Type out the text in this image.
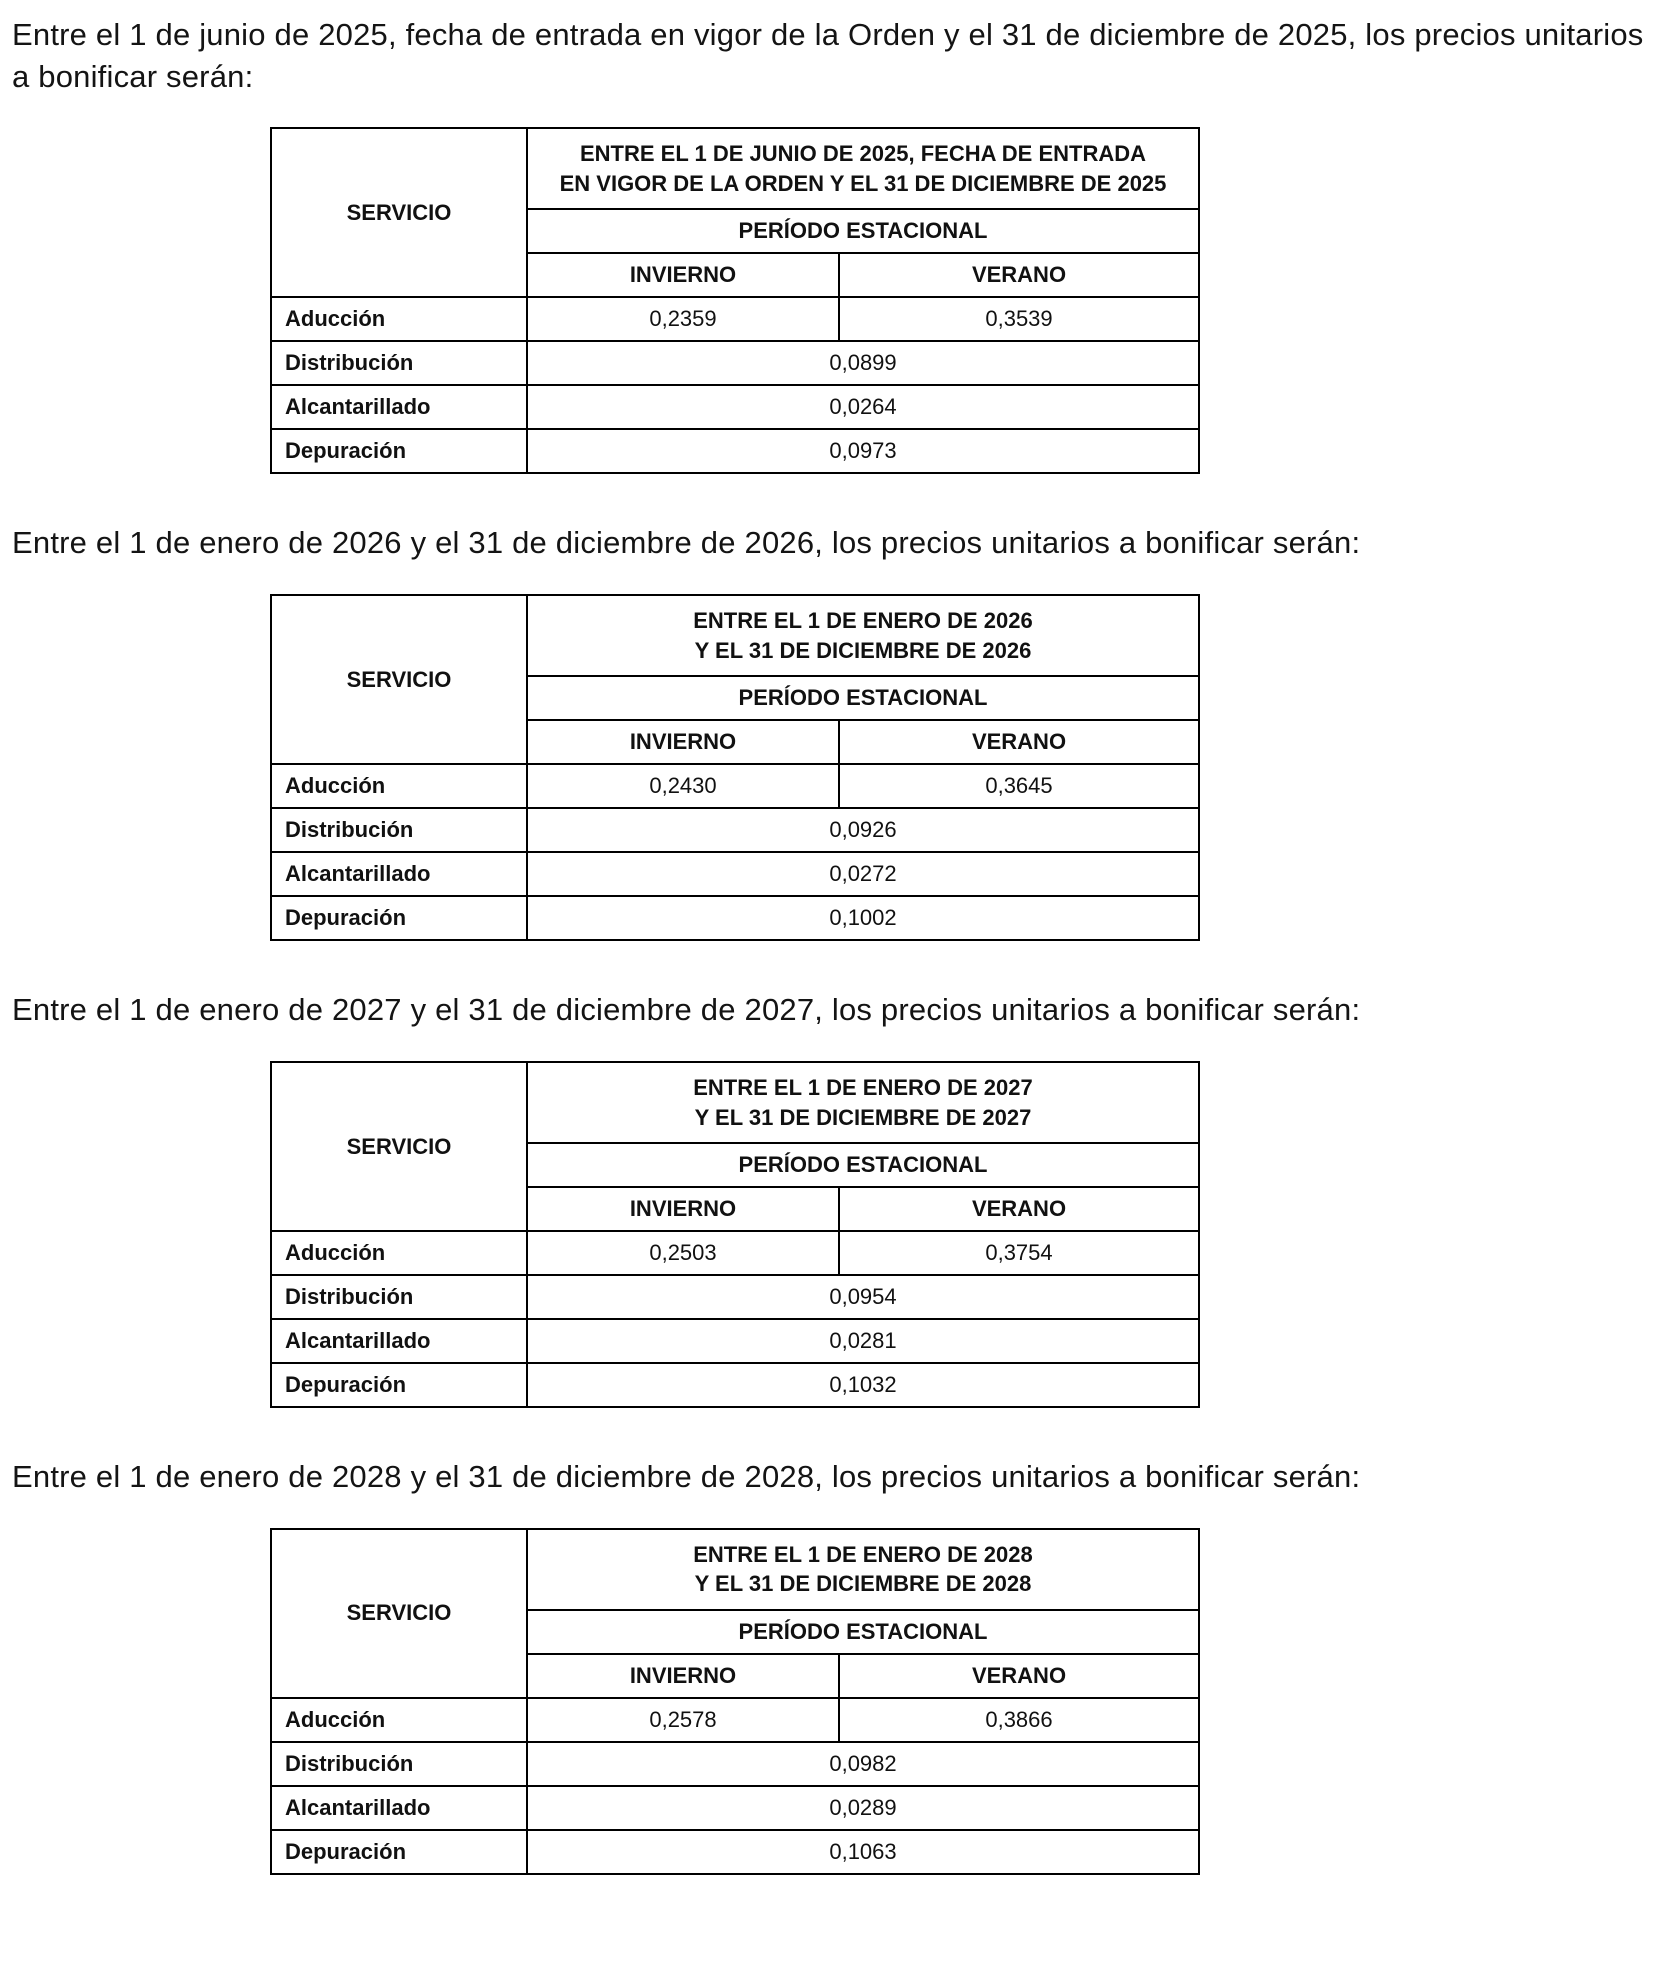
Entre el 1 de junio de 2025, fecha de entrada en vigor de la Orden y el 31 de diciembre de 2025, los precios unitarios a bonificar serán:

SERVICIO	ENTRE EL 1 DE JUNIO DE 2025, FECHA DE ENTRADA
EN VIGOR DE LA ORDEN Y EL 31 DE DICIEMBRE DE 2025	

	PERÍODO ESTACIONAL	
	INVIERNO	VERANO
Aducción	0,2359	0,3539
Distribución	0,0899	
Alcantarillado	0,0264	
Depuración	0,0973	

Entre el 1 de enero de 2026 y el 31 de diciembre de 2026, los precios unitarios a bonificar serán:

SERVICIO	ENTRE EL 1 DE ENERO DE 2026
Y EL 31 DE DICIEMBRE DE 2026	

	PERÍODO ESTACIONAL	
	INVIERNO	VERANO
Aducción	0,2430	0,3645
Distribución	0,0926	
Alcantarillado	0,0272	
Depuración	0,1002	

Entre el 1 de enero de 2027 y el 31 de diciembre de 2027, los precios unitarios a bonificar serán:

SERVICIO	ENTRE EL 1 DE ENERO DE 2027
Y EL 31 DE DICIEMBRE DE 2027	

	PERÍODO ESTACIONAL	
	INVIERNO	VERANO
Aducción	0,2503	0,3754
Distribución	0,0954	
Alcantarillado	0,0281	
Depuración	0,1032	

Entre el 1 de enero de 2028 y el 31 de diciembre de 2028, los precios unitarios a bonificar serán:

SERVICIO	ENTRE EL 1 DE ENERO DE 2028
Y EL 31 DE DICIEMBRE DE 2028	

	PERÍODO ESTACIONAL	
	INVIERNO	VERANO
Aducción	0,2578	0,3866
Distribución	0,0982	
Alcantarillado	0,0289	
Depuración	0,1063	
